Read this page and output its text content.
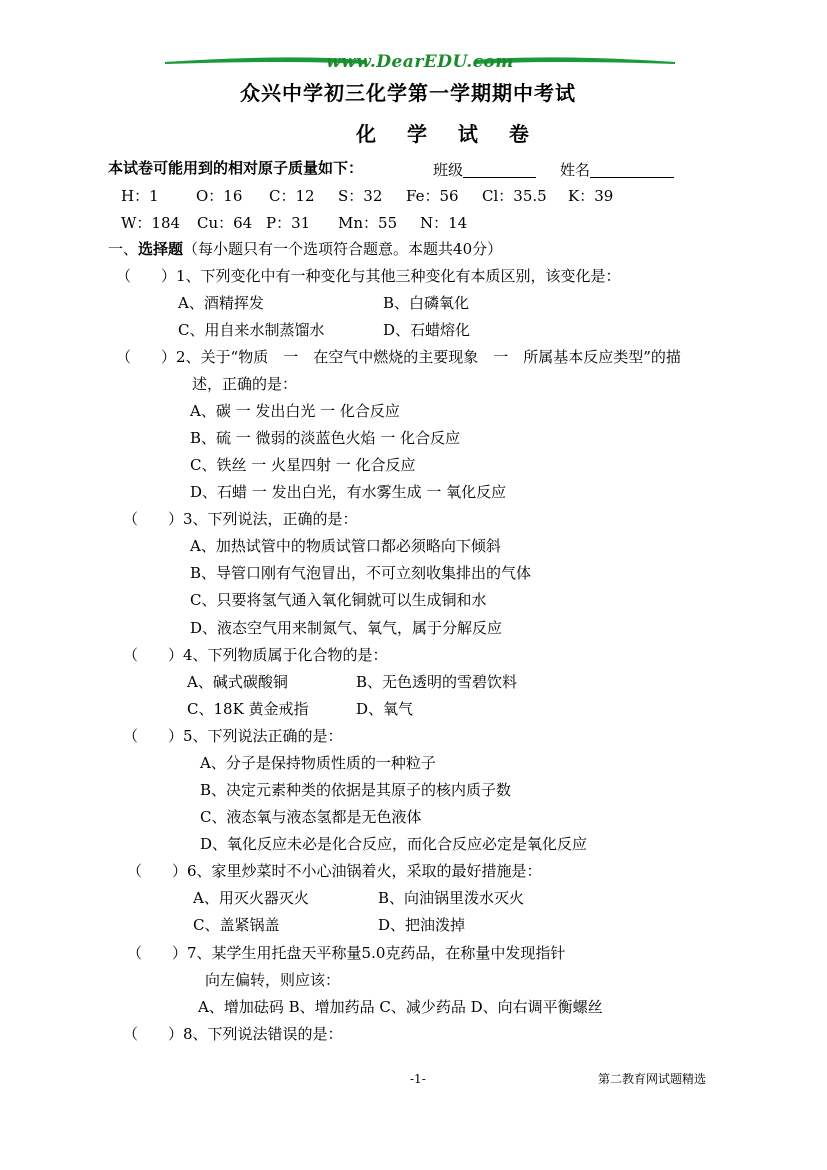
www.DearEDU.com
众兴中学初三化学第一学期期中考试
化 学 试 卷
本试卷可能用到的相对原子质量如下：	班级	姓名
H：1 O：16 C：12 S：32 Fe：56 Cl：35.5 K：39
W：184 Cu：64 P：31 Mn：55 N：14
一、选择题（每小题只有一个选项符合题意。本题共40分）
（　　）1、下列变化中有一种变化与其他三种变化有本质区别，该变化是：
A、酒精挥发	B、白磷氧化
C、用自来水制蒸馏水	D、石蜡熔化
（　　）2、关于“物质　一　在空气中燃烧的主要现象　一　所属基本反应类型”的描
述，正确的是：
A、碳 一 发出白光 一 化合反应
B、硫 一 微弱的淡蓝色火焰 一 化合反应
C、铁丝 一 火星四射 一 化合反应
D、石蜡 一 发出白光，有水雾生成 一 氧化反应
（　　）3、下列说法，正确的是：
A、加热试管中的物质试管口都必须略向下倾斜
B、导管口刚有气泡冒出，不可立刻收集排出的气体
C、只要将氢气通入氧化铜就可以生成铜和水
D、液态空气用来制氮气、氧气，属于分解反应
（　　）4、下列物质属于化合物的是：
A、碱式碳酸铜	B、无色透明的雪碧饮料
C、18K 黄金戒指	D、氧气
（　　）5、下列说法正确的是：
A、分子是保持物质性质的一种粒子
B、决定元素种类的依据是其原子的核内质子数
C、液态氧与液态氢都是无色液体
D、氧化反应未必是化合反应，而化合反应必定是氧化反应
（　　）6、家里炒菜时不小心油锅着火，采取的最好措施是：
A、用灭火器灭火	B、向油锅里泼水灭火
C、盖紧锅盖	D、把油泼掉
（　　）7、某学生用托盘天平称量5.0克药品，在称量中发现指针
向左偏转，则应该：
A、增加砝码 B、增加药品 C、减少药品 D、向右调平衡螺丝
（　　）8、下列说法错误的是：
-1-	第二教育网试题精选
